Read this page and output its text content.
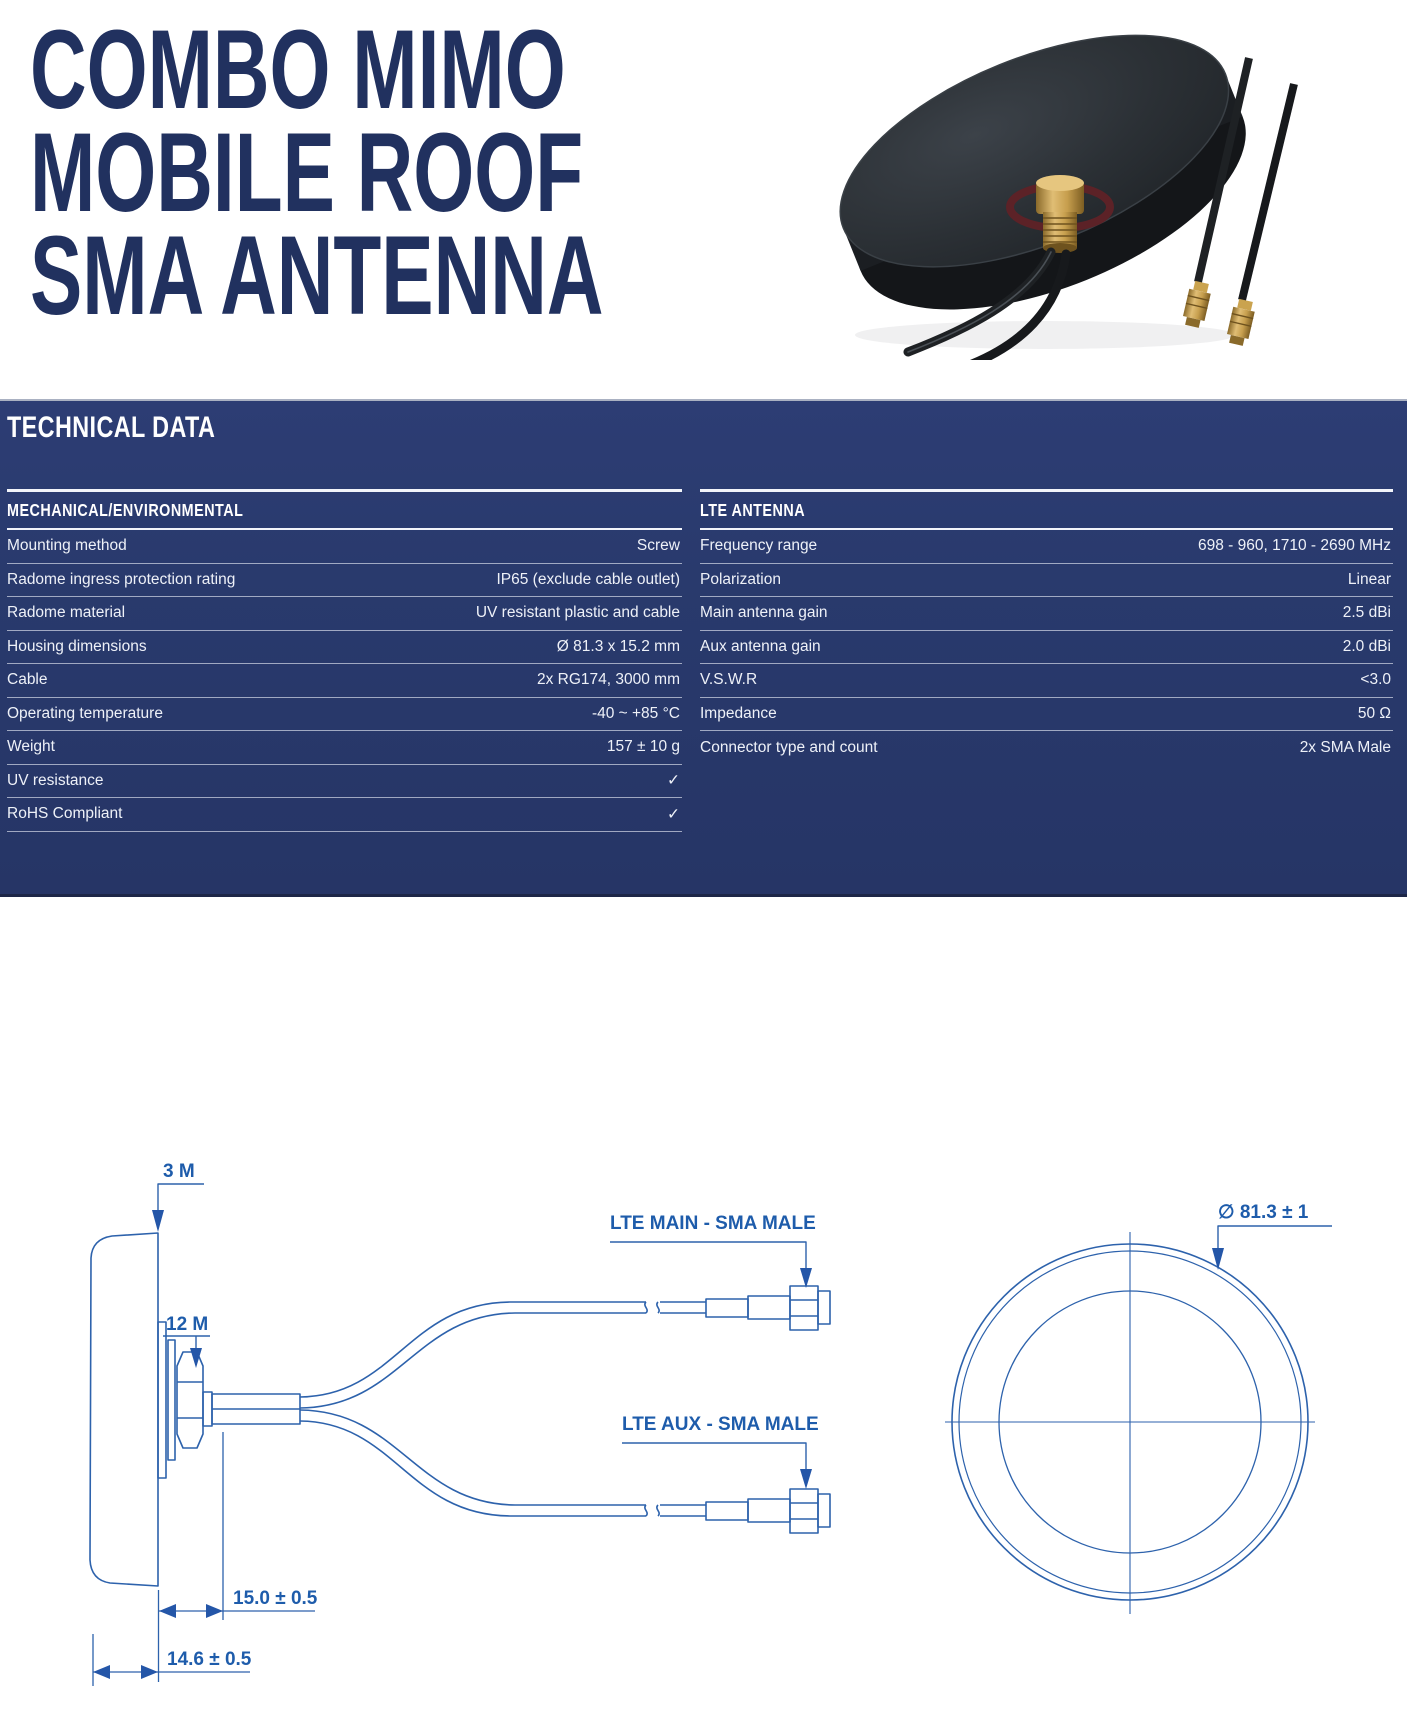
COMBO MIMO
MOBILE ROOF
SMA ANTENNA
TECHNICAL DATA
MECHANICAL/ENVIRONMENTAL
Mounting method	Screw
Radome ingress protection rating	IP65 (exclude cable outlet)
Radome material	UV resistant plastic and cable
Housing dimensions	Ø 81.3 x 15.2 mm
Cable	2x RG174, 3000 mm
Operating temperature	-40 ~ +85 °C
Weight	157 ± 10 g
UV resistance	✓
RoHS Compliant	✓
LTE ANTENNA
Frequency range	698 - 960, 1710 - 2690 MHz
Polarization	Linear
Main antenna gain	2.5 dBi
Aux antenna gain	2.0 dBi
V.S.W.R	<3.0
Impedance	50 Ω
Connector type and count	2x SMA Male
3 M
12 M
LTE MAIN - SMA MALE
LTE AUX - SMA MALE
15.0 ± 0.5
14.6 ± 0.5
∅ 81.3 ± 1
